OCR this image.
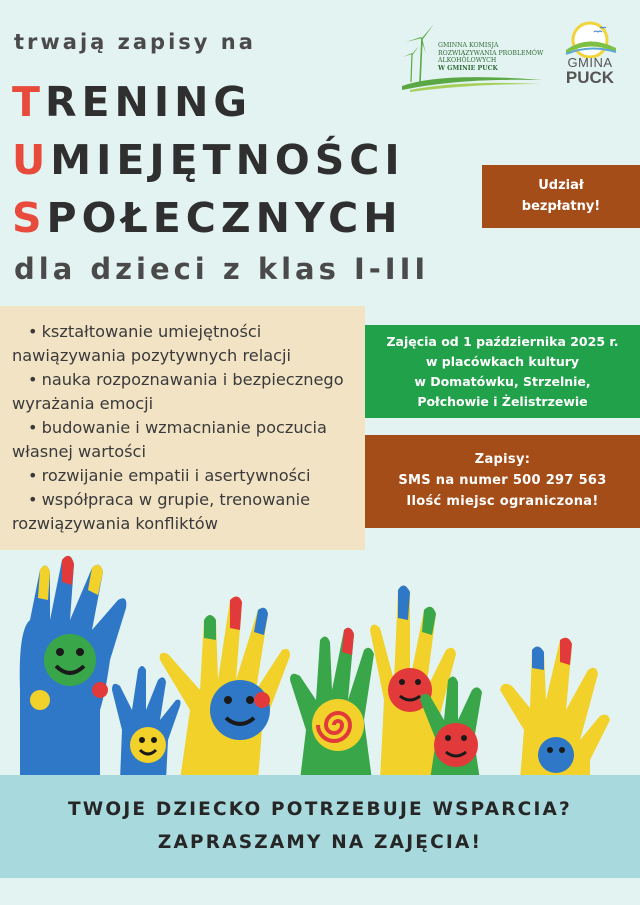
trwają zapisy na
TRENING
UMIEJĘTNOŚCI
SPOŁECZNYCH
dla dzieci z klas I-III
GMINNA KOMISJA
ROZWIĄZYWANIA PROBLEMÓW
ALKOHOLOWYCH
W GMINIE PUCK	GMINA
PUCK
Udział
bezpłatny!
• kształtowanie umiejętności nawiązywania pozytywnych relacji
• nauka rozpoznawania i bezpiecznego wyrażania emocji
• budowanie i wzmacnianie poczucia własnej wartości
• rozwijanie empatii i asertywności
• współpraca w grupie, trenowanie rozwiązywania konfliktów
Zajęcia od 1 października 2025 r.
w placówkach kultury
w Domatówku, Strzelnie,
Połchowie i Żelistrzewie
Zapisy:
SMS na numer 500 297 563
Ilość miejsc ograniczona!
TWOJE DZIECKO POTRZEBUJE WSPARCIA?
ZAPRASZAMY NA ZAJĘCIA!
